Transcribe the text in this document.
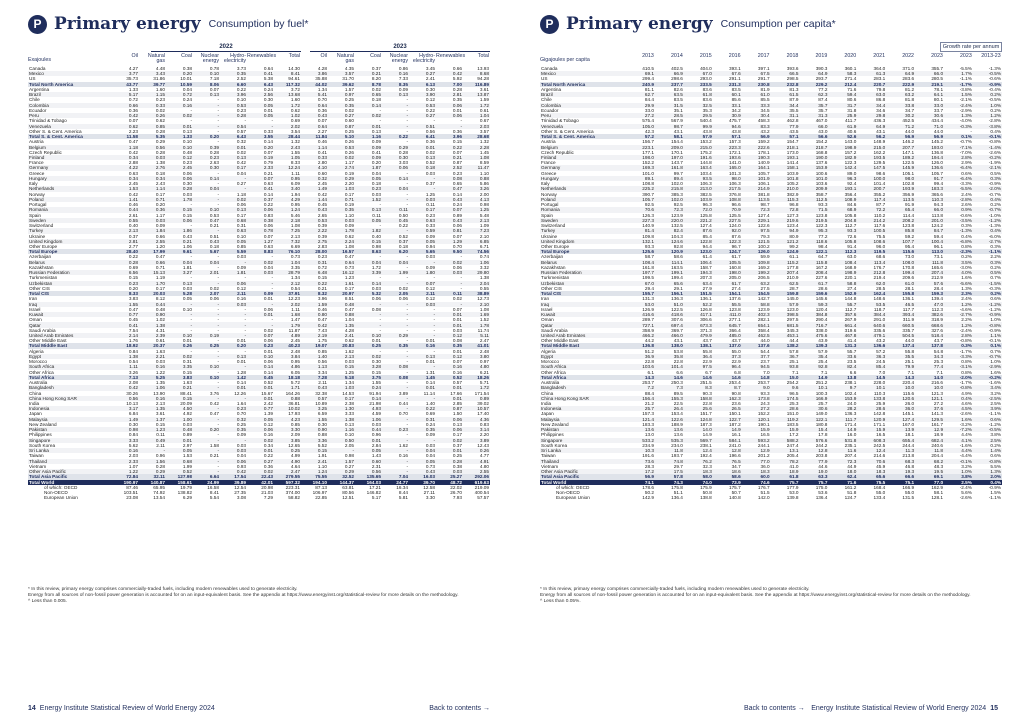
P Primary energy Consumption by fuel*
2022	2023
Exajoules
Oil	Natural gas
Coal	Nuclear energy
Hydro-electricity
Renewables	Total	Oil	Natural gas
Coal	Nuclear energy
Hydro-electricity
Renewables	Total
Canada	4.27	4.48	0.38	0.78	3.73	0.64	14.30	4.28	4.35	0.37	0.86	3.45	0.66	13.93
Mexico	3.77	3.43	0.20	0.10	0.35	0.41	8.41	3.86	3.57	0.21	0.16	0.27	0.42	8.68
US	35.73	31.86	10.01	7.18	2.52	5.38	94.61	35.88	31.70	8.20	7.33	2.41	5.92	94.28
Total North America	43.77	39.77	10.59	8.06	6.60	6.43	117.32	44.02	39.62	8.78	8.35	6.13	7.00	116.89
Argentina	1.33	1.60	0.04	0.07	0.22	0.24	3.72	1.34	1.57	0.02	0.09	0.30	0.28	3.61
Brazil	5.17	1.15	0.72	0.13	3.96	2.56	13.68	5.41	0.97	0.65	0.13	3.90	2.81	13.87
Chile	0.72	0.23	0.24	-	0.10	0.30	1.60	0.70	0.25	0.18	-	0.12	0.35	1.59
Colombia	0.66	0.33	0.16	-	0.53	0.05	1.72	0.64	0.35	0.14	-	0.53	0.06	1.72
Ecuador	0.36	0.02	-	-	0.23	0.01	0.62	0.36	0.02	-	-	0.22	0.01	0.61
Peru	0.42	0.26	0.02	-	0.28	0.05	1.02	0.43	0.27	0.02	-	0.27	0.06	1.04
Trinidad & Tobago	0.07	0.62	-	-	-	-	0.69	0.07	0.60	-	-	-	-	0.67
Venezuela	0.62	0.85	0.01	-	0.54	-	2.02	0.64	0.87	0.01	-	0.51	-	2.03
Other S. & Cent. America	2.23	0.28	0.13	-	0.57	0.33	3.54	2.27	0.25	0.13	-	0.56	0.36	3.57
Total S. & Cent. America	11.58	5.35	1.33	0.20	6.43	3.55	28.44	11.84	5.10	1.16	0.22	6.41	3.96	28.68
Austria	0.47	0.29	0.10	-	0.32	0.14	1.32	0.46	0.26	0.09	-	0.36	0.15	1.32
Belgium	1.18	0.56	0.10	0.39	0.01	0.20	2.43	1.14	0.53	0.09	0.29	0.01	0.22	2.28
Czech Republic	0.42	0.28	0.48	0.28	0.02	0.07	1.55	0.41	0.26	0.41	0.28	0.02	0.07	1.45
Finland	0.34	0.03	0.12	0.23	0.13	0.19	1.05	0.33	0.02	0.09	0.30	0.13	0.21	1.08
France	2.88	1.38	0.23	2.63	0.42	0.79	8.33	2.80	1.17	0.20	3.03	0.52	0.87	8.59
Germany	4.22	2.76	2.45	0.30	0.17	2.33	12.24	4.10	2.74	1.87	0.06	0.18	2.52	11.47
Greece	0.63	0.18	0.06	-	0.04	0.21	1.11	0.60	0.19	0.04	-	0.03	0.23	1.10
Hungary	0.34	0.34	0.06	0.14	-	0.07	0.95	0.32	0.29	0.05	0.14	-	0.08	0.88
Italy	2.45	2.43	0.30	-	0.27	0.63	6.09	2.45	2.20	0.18	-	0.37	0.65	5.86
Netherlands	1.53	1.14	0.28	0.04	-	0.41	3.40	1.49	1.03	0.23	0.04	-	0.47	3.26
Norway	0.42	0.17	0.03	-	1.18	0.14	1.94	0.42	0.17	0.03	-	1.25	0.14	2.00
Poland	1.41	0.71	1.78	-	0.02	0.37	4.29	1.44	0.71	1.52	-	0.03	0.43	4.13
Portugal	0.46	0.20	-	-	0.06	0.22	0.95	0.45	0.19	-	-	0.11	0.24	0.98
Romania	0.44	0.36	0.15	0.10	0.13	0.06	1.24	0.43	0.35	0.13	0.11	0.17	0.07	1.25
Spain	2.61	1.17	0.15	0.53	0.17	0.83	5.46	2.65	1.10	0.11	0.50	0.23	0.89	5.48
Sweden	0.55	0.03	0.06	0.47	0.68	0.38	2.18	0.53	0.03	0.05	0.45	0.63	0.43	2.13
Switzerland	0.40	0.09	-	0.21	0.31	0.06	1.08	0.39	0.09	-	0.22	0.33	0.06	1.09
Turkey	2.13	1.84	1.86	-	0.63	0.78	7.25	2.22	1.78	1.82	-	0.59	0.81	7.23
Ukraine	0.37	0.66	0.43	0.51	0.10	0.07	2.13	0.39	0.62	0.40	0.52	0.09	0.07	2.10
United Kingdom	2.81	2.55	0.21	0.43	0.05	1.27	7.32	2.75	2.24	0.15	0.37	0.05	1.29	6.85
Other Europe	2.77	1.20	1.06	0.18	0.85	0.63	6.69	2.83	1.08	0.98	0.18	0.94	0.70	6.71
Total Europe	28.40	17.99	9.61	5.67	5.59	8.83	76.10	28.00	16.57	8.63	6.20	5.65	9.50	74.56
Azerbaijan	0.22	0.47	-	-	0.03	-	0.73	0.23	0.47	-	-	0.03	-	0.74
Belarus	0.28	0.66	0.04	0.04	-	0.02	1.04	0.31	0.64	0.04	0.04	-	0.02	1.06
Kazakhstan	0.69	0.71	1.81	-	0.09	0.04	3.35	0.72	0.73	1.72	-	0.09	0.06	3.32
Russian Federation	6.56	15.13	3.27	2.01	1.81	0.03	28.79	6.48	16.12	3.39	1.99	1.80	0.03	29.80
Turkmenistan	0.15	1.19	-	-	-	-	1.34	0.15	1.23	-	-	-	-	1.38
Uzbekistan	0.23	1.70	0.13	-	0.06	-	2.12	0.22	1.61	0.14	-	0.07	-	2.04
Other CIS	0.20	0.17	0.03	0.02	0.12	-	0.54	0.21	0.17	0.03	0.02	0.12	-	0.55
Total CIS	8.33	20.03	5.28	2.07	2.11	0.09	37.91	8.32	20.97	5.32	2.05	2.11	0.11	38.89
Iran	3.83	8.12	0.05	0.06	0.16	0.01	12.23	3.96	8.51	0.06	0.06	0.12	0.02	12.73
Iraq	1.55	0.44	-	-	0.03	-	2.02	1.59	0.48	-	-	0.03	-	2.10
Israel	0.47	0.48	0.10	-	-	0.06	1.11	0.46	0.47	0.08	-	-	0.07	1.08
Kuwait	0.77	0.90	-	-	-	0.01	1.68	0.80	0.88	-	-	-	0.01	1.69
Oman	0.45	1.02	-	-	-	-	1.47	0.47	1.04	-	-	-	0.01	1.52
Qatar	0.41	1.38	-	-	-	-	1.79	0.42	1.35	-	-	-	0.01	1.78
Saudi Arabia	7.54	4.31	-	-	-	0.02	11.87	7.43	4.28	-	-	-	0.03	11.74
United Arab Emirates	2.14	2.39	0.10	0.19	-	0.07	4.89	2.19	2.41	0.10	0.29	-	0.12	5.11
Other Middle East	1.76	0.61	0.01	-	0.01	0.06	2.45	1.75	0.62	0.01	-	0.01	0.08	2.47
Total Middle East	18.92	20.37	0.26	0.25	0.20	0.23	40.23	19.07	20.83	0.25	0.35	0.16	0.35	41.01
Algeria	0.84	1.63	-	-	-	0.01	2.48	0.85	1.62	-	-	-	0.01	2.48
Egypt	1.38	2.21	0.02	-	0.13	0.10	3.84	1.40	2.13	0.02	-	0.13	0.12	3.80
Morocco	0.54	0.03	0.31	-	0.01	0.06	0.95	0.56	0.03	0.30	-	0.01	0.07	0.97
South Africa	1.11	0.16	3.35	0.10	-	0.14	4.86	1.13	0.15	3.28	0.08	-	0.16	4.80
Other Africa	3.26	1.22	0.15	-	1.28	0.14	6.05	3.34	1.25	0.15	-	1.31	0.16	6.21
Total Africa	7.13	5.25	3.83	0.10	1.42	0.45	18.18	7.28	5.18	3.75	0.08	1.45	0.52	18.26
Australia	2.08	1.35	1.63	-	0.14	0.52	5.72	2.11	1.34	1.55	-	0.14	0.57	5.71
Bangladesh	0.42	1.06	0.21	-	0.01	0.01	1.71	0.43	1.03	0.24	-	0.01	0.01	1.72
China	30.26	13.90	88.41	3.76	12.26	15.67	164.26	32.38	14.53	91.94	3.89	11.14	17.66	171.54
China Hong Kong SAR	0.56	0.16	0.15	-	-	0.01	0.88	0.57	0.17	0.14	-	-	0.01	0.89
India	10.13	2.13	20.09	0.42	1.64	2.42	36.81	10.89	2.38	21.98	0.44	1.40	2.85	39.02
Indonesia	3.17	1.35	4.50	-	0.23	0.77	10.02	3.25	1.30	4.93	-	0.22	0.87	10.57
Japan	6.84	3.61	4.92	0.47	0.70	1.39	17.93	6.59	3.33	4.59	0.70	0.69	1.50	17.40
Malaysia	1.49	1.37	1.00	-	0.32	0.05	4.23	1.55	1.38	1.06	-	0.31	0.06	4.36
New Zealand	0.30	0.15	0.03	-	0.25	0.12	0.85	0.30	0.13	0.03	-	0.24	0.13	0.83
Pakistan	0.98	1.23	0.48	0.20	0.35	0.06	3.30	0.90	1.16	0.44	0.23	0.35	0.06	3.14
Philippines	0.84	0.11	0.89	-	0.09	0.16	2.09	0.88	0.10	0.96	-	0.09	0.17	2.20
Singapore	3.33	0.49	0.01	-	-	0.02	3.85	3.36	0.50	0.01	-	-	0.02	3.89
South Korea	5.62	2.11	2.97	1.58	0.03	0.34	12.65	5.52	2.05	2.84	1.62	0.03	0.37	12.43
Sri Lanka	0.16	-	0.05	-	0.03	0.01	0.25	0.15	-	0.05	-	0.04	0.01	0.26
Taiwan	2.03	0.96	1.53	0.21	0.04	0.22	4.99	1.91	0.98	1.43	0.16	0.04	0.25	4.77
Thailand	2.33	1.56	0.68	-	0.06	0.27	4.90	2.41	1.57	0.60	-	0.05	0.28	4.91
Vietnam	1.07	0.28	1.99	-	0.93	0.36	4.64	1.10	0.27	2.31	-	0.73	0.38	4.80
Other Asia Pacific	1.22	0.29	0.52	-	0.42	0.02	2.47	1.24	0.29	0.56	-	0.43	0.03	2.55
Total Asia Pacific	72.84	32.11	127.98	6.64	17.54	22.43	279.55	75.55	32.52	135.65	7.04	16.03	25.27	292.06
Total World	190.97	140.87	158.61	24.99	39.89	42.01	597.32	194.10	144.37	164.03	24.77	39.70	48.72	619.63
of which: OECD	87.46	65.95	19.79	16.58	12.54	20.98	223.31	87.13	63.81	17.21	16.34	12.58	22.02	219.09
Non-OECD	103.51	74.92	138.82	8.41	27.35	21.03	374.00	106.97	80.56	146.82	8.44	27.11	26.70	400.54
European Union	23.08	13.54	6.29	5.54	3.08	7.29	58.82	22.85	12.51	5.17	5.81	3.30	7.93	57.57
* In this review, primary energy comprises commercially-traded fuels, including modern renewables used to generate electricity.
Energy from all sources of non-fossil power generation is accounted for on an input-equivalent basis. See the appendix at https://www.energyinst.org/statistical-review for more details on the methodology.
^ Less than 0.005.
14 Energy Institute Statistical Review of World Energy 2024	Back to contents →
P Primary energy Consumption per capita*
Growth rate per annum
Gigajoules per capita
2013	2014	2015	2016	2017	2018	2019	2020	2021	2022	2023	2023	2013-23
Canada	410.5	402.5	404.0	393.1	397.1	393.6	390.3	360.1	364.0	371.0	355.7	-5.5%	-1.3%
Mexico	69.1	66.9	67.0	67.6	67.5	66.5	64.9	58.3	61.3	64.9	66.0	1.7%	-0.5%
US	299.4	298.6	293.0	291.1	291.7	298.5	293.7	271.4	283.1	283.6	280.5	-1.1%	-0.6%
Total North America	240.9	237.7	233.5	231.3	230.8	232.8	229.2	212.4	220.7	222.9	219.1	-1.7%	-0.9%
Argentina	81.1	82.6	83.6	83.5	81.9	81.3	77.2	71.6	79.8	81.2	78.1	-3.8%	-0.4%
Brazil	62.7	63.5	61.8	60.1	61.0	61.5	62.3	59.4	63.0	63.2	64.1	1.5%	0.2%
Chile	84.4	83.5	83.6	85.6	85.5	87.9	87.4	80.6	86.8	81.8	80.1	-2.1%	-0.5%
Colombia	29.9	31.5	32.5	33.1	33.3	34.4	35.7	31.7	34.4	33.8	33.0	-2.4%	1.0%
Ecuador	33.0	35.1	35.3	34.2	34.5	35.5	35.7	31.8	34.6	34.7	33.7	-2.9%	0.2%
Peru	27.2	28.5	29.5	30.9	30.4	31.1	31.3	25.9	29.8	30.2	30.6	1.3%	1.2%
Trinidad & Tobago	575.4	567.9	540.4	475.7	458.3	462.8	467.0	411.7	436.3	452.5	434.4	-4.0%	-2.8%
Venezuela	105.0	98.7	99.9	94.6	83.3	77.9	66.0	61.9	64.9	71.2	71.0	-0.3%	-3.8%
Other S. & Cent. America	42.3	43.1	43.8	43.8	43.2	43.5	43.0	40.6	43.1	44.0	44.0	-	0.4%
Total S. & Cent. America	57.2	58.1	57.9	57.1	56.9	57.1	56.6	52.6	56.2	56.9	56.9	0.1%	-0.1%
Austria	156.7	154.4	153.2	157.3	159.2	154.7	154.2	143.0	148.9	146.2	145.2	-0.7%	-0.8%
Belgium	223.1	209.0	215.0	223.3	222.6	218.1	218.7	198.9	215.0	207.7	193.0	-7.1%	-1.4%
Czech Republic	177.1	170.1	175.2	172.1	178.1	173.0	168.8	157.2	162.2	147.1	136.8	-7.0%	-2.6%
Finland	198.0	197.0	191.6	193.6	190.3	193.1	190.0	182.9	193.5	189.2	194.4	2.8%	-0.2%
France	152.2	143.7	144.8	141.0	140.9	141.4	137.6	122.3	129.5	122.5	126.0	2.9%	-1.9%
Germany	169.3	161.8	163.4	165.0	164.1	158.1	153.9	142.4	147.5	145.9	136.6	-6.4%	-2.1%
Greece	101.0	99.7	103.4	101.3	105.7	103.9	100.6	89.0	98.6	105.1	105.7	0.6%	0.5%
Hungary	89.1	89.4	93.5	98.0	101.9	101.8	101.0	96.3	100.0	98.0	91.7	-6.4%	0.3%
Italy	108.8	102.0	106.3	106.3	106.1	105.2	103.6	92.4	101.4	102.8	99.4	-3.3%	-0.9%
Netherlands	225.2	215.8	213.0	217.5	214.9	210.0	209.9	193.1	200.7	193.9	183.3	-5.5%	-2.0%
Norway	390.7	385.3	382.5	376.8	381.8	382.9	358.7	356.4	355.2	356.9	365.6	2.4%	-0.7%
Poland	105.7	102.0	103.9	108.8	113.5	115.3	112.5	108.9	117.4	113.5	110.3	-2.8%	0.4%
Portugal	92.5	92.5	96.3	96.6	98.7	96.8	93.3	84.6	87.7	91.9	94.3	2.6%	0.2%
Romania	70.6	72.3	72.0	70.9	72.3	72.8	71.5	68.9	72.2	65.4	66.0	0.9%	-0.7%
Spain	126.3	123.9	125.8	125.5	127.4	127.3	123.8	105.8	110.2	114.4	113.8	-0.6%	-1.0%
Sweden	227.3	220.0	221.2	227.5	229.1	219.6	219.5	204.8	214.2	208.2	201.0	-3.5%	-1.2%
Switzerland	140.9	132.5	127.4	124.0	122.6	123.4	122.3	112.7	117.6	123.8	124.2	0.3%	-1.3%
Turkey	81.4	82.4	87.6	92.0	97.5	94.9	95.3	93.3	100.5	85.8	84.7	-1.3%	0.4%
Ukraine	109.8	104.3	85.4	87.6	79.3	80.9	77.2	72.6	75.5	59.2	59.4	0.4%	-6.0%
United Kingdom	132.1	124.6	122.8	122.3	121.5	121.2	118.6	105.8	108.6	107.7	100.4	-6.8%	-2.7%
Other Europe	93.3	92.8	94.4	96.7	100.2	99.2	98.4	91.4	96.0	95.4	96.1	0.8%	0.3%
Total Europe	125.6	120.9	123.0	124.7	126.0	124.9	122.1	112.3	119.5	115.6	113.0	-2.3%	-1.1%
Azerbaijan	58.7	58.6	61.4	61.7	59.9	61.1	64.7	63.0	68.6	73.0	73.1	0.2%	2.2%
Belarus	108.4	114.1	106.4	105.5	109.8	115.2	115.8	108.4	113.4	108.0	111.8	3.5%	0.3%
Kazakhstan	161.8	163.5	158.7	160.8	169.2	177.8	167.2	168.9	176.7	170.8	165.6	-3.0%	0.2%
Russian Federation	197.7	199.1	194.3	198.0	199.2	207.4	208.4	198.9	212.8	199.4	207.4	4.0%	0.5%
Turkmenistan	199.5	199.4	207.3	205.0	206.5	210.9	227.6	220.1	219.4	209.6	212.9	1.6%	0.7%
Uzbekistan	67.0	65.6	63.4	61.7	63.2	62.5	61.7	58.8	62.0	61.0	57.6	-5.6%	-1.5%
Other CIS	29.4	29.1	27.9	27.4	27.5	28.7	28.6	27.4	28.5	28.1	28.4	1.3%	-0.3%
Total CIS	155.7	156.1	151.5	154.1	154.5	159.8	159.6	152.9	162.4	155.8	159.3	2.3%	0.2%
Iran	131.3	136.3	136.1	137.6	142.7	145.0	145.6	144.8	148.6	136.1	139.4	2.4%	0.6%
Iraq	53.0	51.0	52.2	55.5	58.8	57.9	59.3	55.7	53.5	46.5	47.0	1.2%	-1.2%
Israel	126.9	122.5	126.8	123.8	123.9	123.0	120.4	112.7	118.7	117.7	112.3	-4.6%	-1.2%
Kuwait	416.6	418.6	417.1	411.0	402.3	398.5	384.8	357.6	384.4	393.4	382.6	-2.7%	-0.9%
Oman	289.7	307.6	306.6	277.1	282.1	297.5	290.4	267.9	291.0	311.9	318.9	2.2%	1.0%
Qatar	727.1	697.4	673.3	645.7	654.1	681.5	716.7	661.4	640.6	660.5	668.6	1.2%	-0.8%
Saudi Arabia	358.9	369.7	371.3	366.4	358.4	345.3	338.0	319.6	335.6	335.7	327.6	-2.4%	-0.9%
United Arab Emirates	466.2	466.0	479.9	485.0	462.5	453.1	475.6	467.8	479.1	504.5	518.4	2.8%	1.1%
Other Middle East	44.2	43.1	43.7	43.7	44.0	44.4	43.9	41.4	43.2	44.0	43.7	-0.8%	-0.1%
Total Middle East	136.8	138.0	138.1	137.0	137.6	138.2	139.3	131.3	136.6	137.4	137.8	0.3%	0.1%
Algeria	51.2	53.8	55.8	55.0	54.4	57.8	57.9	55.7	57.2	55.8	54.8	-1.7%	0.7%
Egypt	36.9	35.8	36.4	37.3	37.7	36.7	35.4	33.6	36.3	35.5	34.3	-3.3%	-0.7%
Morocco	22.8	22.8	22.9	22.9	23.7	25.1	25.4	23.5	24.5	25.1	25.3	0.8%	1.0%
South Africa	103.6	101.4	97.5	96.4	94.5	93.8	92.8	82.4	85.4	79.9	77.4	-3.1%	-2.9%
Other Africa	6.1	6.6	6.7	6.8	7.0	7.1	7.1	6.6	7.0	7.1	7.1	0.8%	1.6%
Total Africa	14.3	14.6	14.6	14.6	14.8	15.0	14.9	13.8	14.5	14.3	14.0	-2.0%	-0.2%
Australia	253.7	250.3	251.5	253.4	253.7	254.2	251.2	238.1	228.0	220.4	216.6	-1.7%	-1.6%
Bangladesh	7.2	7.3	8.3	8.7	9.0	9.6	10.1	9.7	10.1	10.0	10.0	-0.8%	3.4%
China	88.4	89.5	90.3	90.8	93.3	96.5	100.3	102.4	110.3	115.6	121.3	4.9%	3.2%
China Hong Kong SAR	156.4	155.3	158.8	162.3	173.8	174.5	166.9	153.9	133.8	120.6	121.1	0.4%	-2.5%
India	21.2	22.5	22.8	23.6	24.3	25.3	25.7	24.0	25.9	26.0	27.2	4.6%	2.5%
Indonesia	25.7	26.4	25.6	26.5	27.2	28.6	30.6	28.2	28.6	36.0	37.6	4.5%	3.9%
Japan	157.3	153.4	151.7	150.1	152.2	151.0	149.0	136.3	142.8	145.1	141.3	-2.6%	-1.1%
Malaysia	121.4	122.6	124.8	122.7	120.1	119.2	122.1	111.7	120.9	127.4	129.5	1.6%	0.6%
New Zealand	183.3	188.9	187.3	187.2	190.1	183.5	180.8	171.4	171.1	167.0	161.7	-3.2%	-1.2%
Pakistan	13.6	13.6	14.0	14.9	15.9	15.9	15.4	14.9	15.9	13.9	12.9	-7.2%	-0.5%
Philippines	13.0	13.6	14.9	16.1	16.5	17.2	17.8	16.0	16.5	18.1	18.9	4.4%	3.8%
Singapore	533.2	535.3	569.7	584.1	593.2	588.2	576.6	531.8	608.3	655.4	682.4	4.1%	2.5%
South Korea	234.9	234.0	238.1	241.0	244.1	247.4	244.2	235.1	242.5	244.4	240.6	-1.6%	0.2%
Sri Lanka	10.3	11.8	12.4	12.8	12.9	13.1	12.8	11.6	12.4	11.3	11.8	4.4%	1.4%
Taiwan	191.6	193.7	192.4	196.6	201.2	205.4	203.8	207.4	214.6	213.8	204.4	-4.4%	0.6%
Thailand	73.6	74.8	76.2	76.5	77.0	78.2	77.9	72.3	70.6	68.3	68.2	-0.1%	-0.8%
Vietnam	28.3	29.7	32.3	34.7	36.0	41.0	44.6	44.9	45.9	46.8	48.3	3.2%	5.5%
Other Asia Pacific	17.2	17.5	18.3	18.6	18.3	18.9	19.0	18.0	18.3	19.3	19.5	1.0%	1.3%
Total Asia Pacific	56.9	57.8	58.0	58.6	60.0	61.8	63.3	62.4	65.6	66.6	69.1	3.8%	2.0%
Total World	74.1	74.3	74.0	73.9	74.6	75.7	75.7	71.6	75.5	75.1	77.0	2.5%	0.4%
of which: OECD	178.6	175.8	175.9	175.7	176.7	177.9	175.0	161.2	168.4	166.9	162.9	-2.4%	-0.9%
Non-OECD	50.2	51.1	50.8	50.7	51.5	53.0	53.6	51.8	55.0	55.0	58.1	5.6%	1.5%
European Union	142.9	136.4	138.8	140.8	142.0	139.8	136.4	124.7	133.4	131.5	128.1	-2.6%	-1.1%
* In this review, primary energy comprises commercially-traded fuels, including modern renewables used to generate electricity.
Energy from all sources of non-fossil power generation is accounted for on an input-equivalent basis. See the appendix at https://www.energyinst.org/statistical-review for more details on the methodology.
^ Less than 0.05%.
Back to contents → Energy Institute Statistical Review of World Energy 2024 15
